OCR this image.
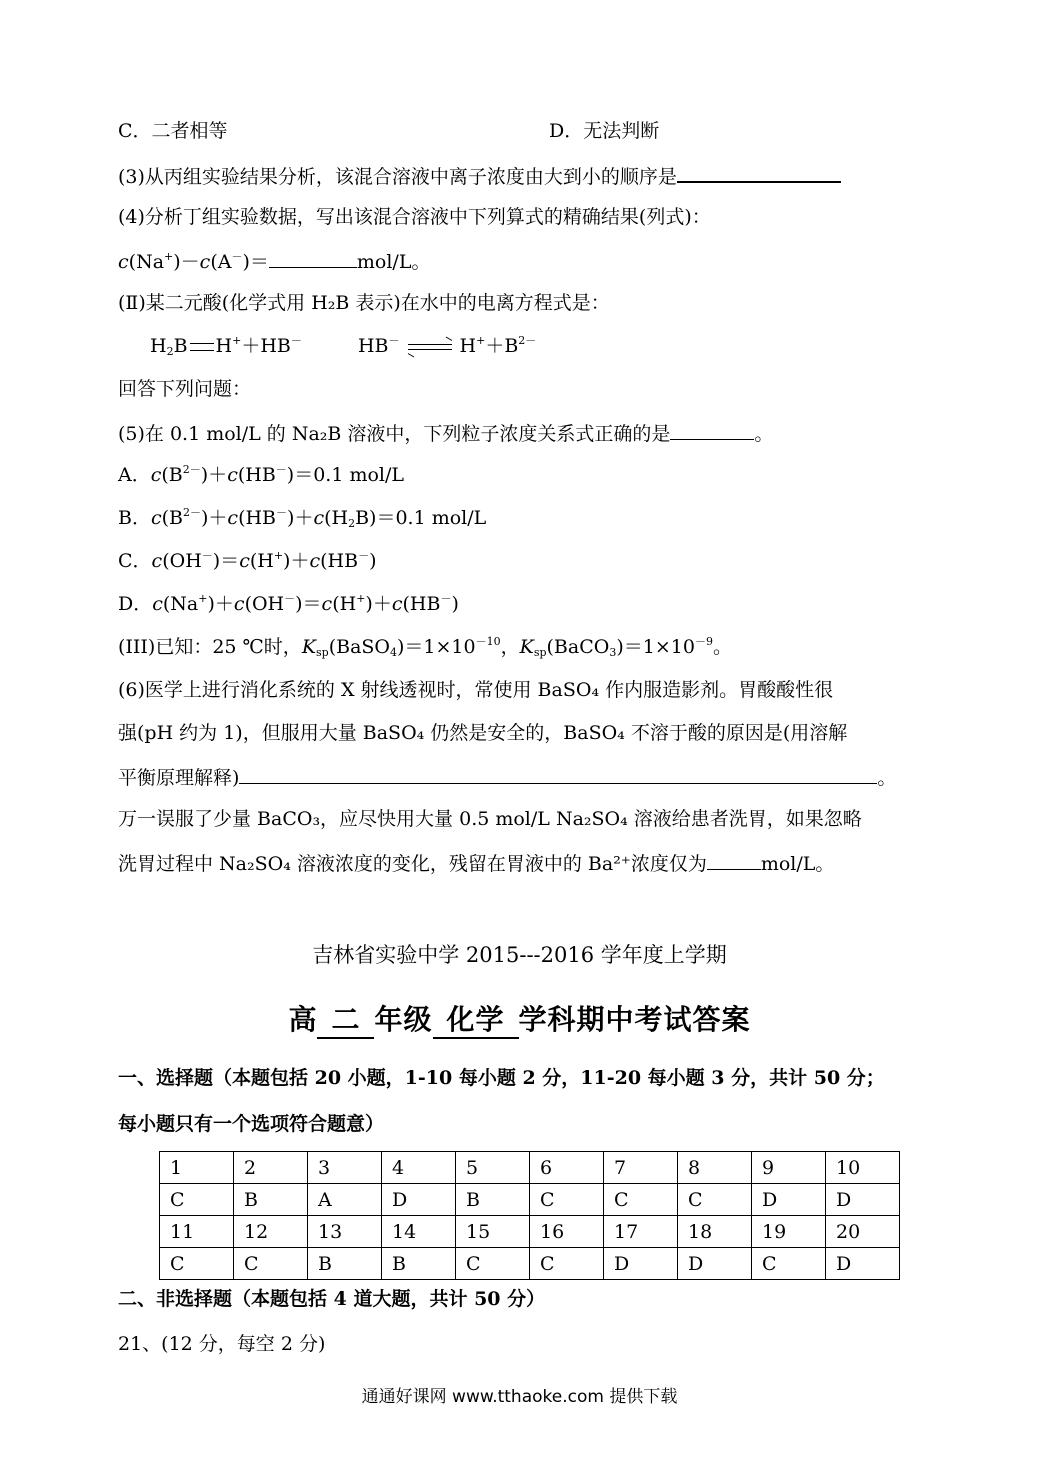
C．二者相等	D．无法判断
(3)从丙组实验结果分析，该混合溶液中离子浓度由大到小的顺序是
(4)分析丁组实验数据，写出该混合溶液中下列算式的精确结果(列式)：
c(Na+)－c(A－)＝	mol/L。
(Ⅱ)某二元酸(化学式用 H₂B 表示)在水中的电离方程式是：
$H_2B$ H+＋HB－	HB－	$H^++B^{2-}$
回答下列问题：
(5)在 0.1 mol/L 的 Na₂B 溶液中，下列粒子浓度关系式正确的是	。
A．$c(B^{2-})+c(HB^-)=0.1$ mol/L
B．$c(B^{2-})+c(HB^-)+c(H_2B)=0.1$ mol/L
C．c(OH－)＝c(H+)＋c(HB－)
D．c(Na+)＋c(OH－)＝c(H+)＋c(HB－)
(III)已知：25 ℃时，$K_{sp}(BaSO_4)=1\times 10^{-10}$，$K_{sp}(BaCO_3)=1\times 10^{-9}$。
(6)医学上进行消化系统的 X 射线透视时，常使用 BaSO₄ 作内服造影剂。胃酸酸性很
强(pH 约为 1)，但服用大量 BaSO₄ 仍然是安全的，BaSO₄ 不溶于酸的原因是(用溶解
平衡原理解释)	。
万一误服了少量 BaCO₃，应尽快用大量 0.5 mol/L Na₂SO₄ 溶液给患者洗胃，如果忽略
洗胃过程中 Na₂SO₄ 溶液浓度的变化，残留在胃液中的 Ba²⁺浓度仅为	mol/L。
吉林省实验中学 2015---2016 学年度上学期
高 二 年级 化学 学科期中考试答案
一、选择题（本题包括 20 小题，1-10 每小题 2 分，11-20 每小题 3 分，共计 50 分；
每小题只有一个选项符合题意）
1	2	3	4	5	6	7	8	9	10
C	B	A	D	B	C	C	C	D	D
11	12	13	14	15	16	17	18	19	20
C	C	B	B	C	C	D	D	C	D
二、非选择题（本题包括 4 道大题，共计 50 分）
21、(12 分，每空 2 分)
通通好课网 www.tthaoke.com 提供下载
